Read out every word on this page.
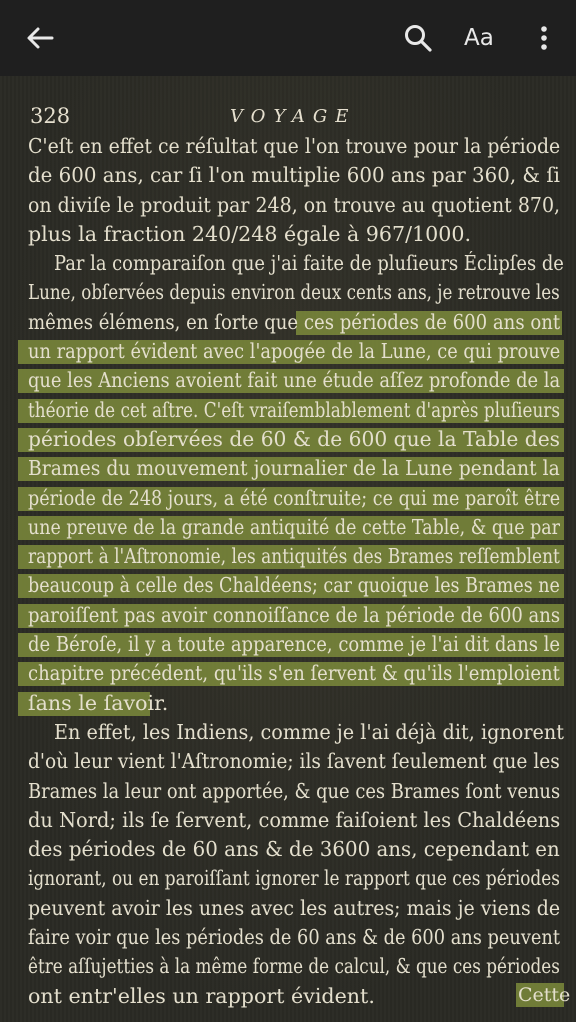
Aa
328	VOYAGE
C'eſt en effet ce réſultat que l'on trouve pour la période
de 600 ans, car ſi l'on multiplie 600 ans par 360, & ſi
on diviſe le produit par 248, on trouve au quotient 870,
plus la fraction 240/248 égale à 967/1000.
Par la comparaiſon que j'ai faite de pluſieurs Éclipſes de
Lune, obſervées depuis environ deux cents ans, je retrouve les
mêmes élémens, en ſorte que ces périodes de 600 ans ont
un rapport évident avec l'apogée de la Lune, ce qui prouve
que les Anciens avoient fait une étude aſſez profonde de la
théorie de cet aſtre. C'eſt vraiſemblablement d'après pluſieurs
périodes obſervées de 60 & de 600 que la Table des
Brames du mouvement journalier de la Lune pendant la
période de 248 jours, a été conſtruite; ce qui me paroît être
une preuve de la grande antiquité de cette Table, & que par
rapport à l'Aſtronomie, les antiquités des Brames reſſemblent
beaucoup à celle des Chaldéens; car quoique les Brames ne
paroiſſent pas avoir connoiſſance de la période de 600 ans
de Béroſe, il y a toute apparence, comme je l'ai dit dans le
chapitre précédent, qu'ils s'en ſervent & qu'ils l'emploient
ſans le ſavoir.
En effet, les Indiens, comme je l'ai déjà dit, ignorent
d'où leur vient l'Aſtronomie; ils ſavent ſeulement que les
Brames la leur ont apportée, & que ces Brames ſont venus
du Nord; ils ſe ſervent, comme faiſoient les Chaldéens
des périodes de 60 ans & de 3600 ans, cependant en
ignorant, ou en paroiſſant ignorer le rapport que ces périodes
peuvent avoir les unes avec les autres; mais je viens de
faire voir que les périodes de 60 ans & de 600 ans peuvent
être aſſujetties à la même forme de calcul, & que ces périodes
ont entr'elles un rapport évident.	Cette
